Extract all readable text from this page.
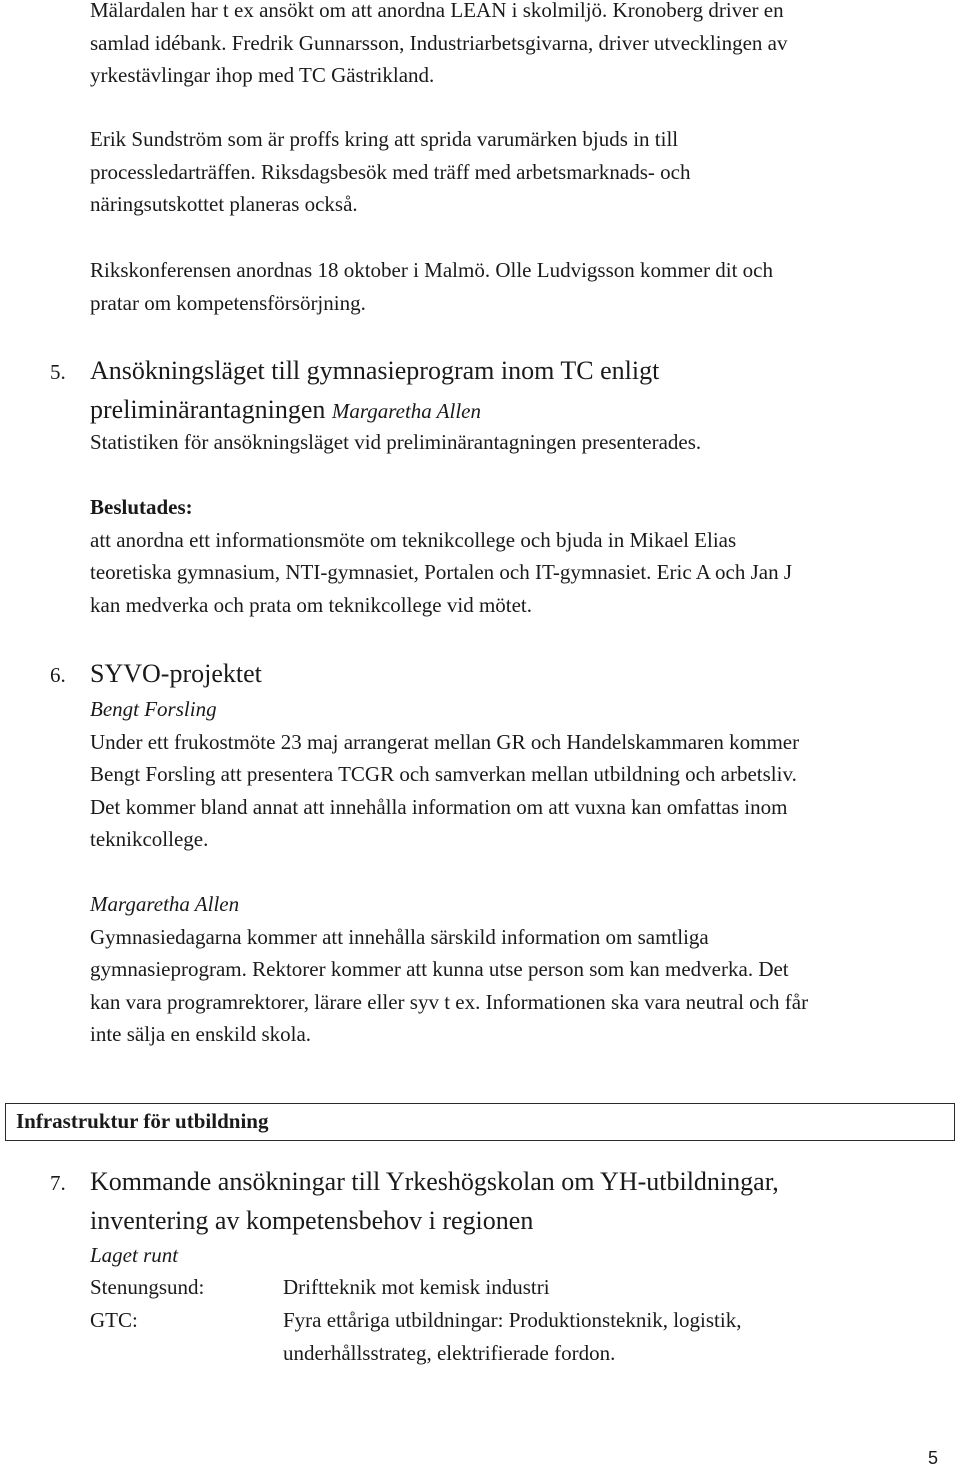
Mälardalen har t ex ansökt om att anordna LEAN i skolmiljö. Kronoberg driver en
samlad idébank. Fredrik Gunnarsson, Industriarbetsgivarna, driver utvecklingen av
yrkestävlingar ihop med TC Gästrikland.

Erik Sundström som är proffs kring att sprida varumärken bjuds in till
processledarträffen. Riksdagsbesök med träff med arbetsmarknads- och
näringsutskottet planeras också.

Rikskonferensen anordnas 18 oktober i Malmö. Olle Ludvigsson kommer dit och
pratar om kompetensförsörjning.

5. Ansökningsläget till gymnasieprogram inom TC enligt
preliminärantagningen Margaretha Allen

Statistiken för ansökningsläget vid preliminärantagningen presenterades.

Beslutades:
att anordna ett informationsmöte om teknikcollege och bjuda in Mikael Elias
teoretiska gymnasium, NTI-gymnasiet, Portalen och IT-gymnasiet. Eric A och Jan J
kan medverka och prata om teknikcollege vid mötet.

6. SYVO-projektet

Bengt Forsling
Under ett frukostmöte 23 maj arrangerat mellan GR och Handelskammaren kommer
Bengt Forsling att presentera TCGR och samverkan mellan utbildning och arbetsliv.
Det kommer bland annat att innehålla information om att vuxna kan omfattas inom
teknikcollege.

Margaretha Allen
Gymnasiedagarna kommer att innehålla särskild information om samtliga
gymnasieprogram. Rektorer kommer att kunna utse person som kan medverka. Det
kan vara programrektorer, lärare eller syv t ex. Informationen ska vara neutral och får
inte sälja en enskild skola.

Infrastruktur för utbildning
7. Kommande ansökningar till Yrkeshögskolan om YH-utbildningar,
inventering av kompetensbehov i regionen

Laget runt

Stenungsund:	Driftteknik mot kemisk industri
GTC:	Fyra ettåriga utbildningar: Produktionsteknik, logistik,
underhållsstrateg, elektrifierade fordon.
5
